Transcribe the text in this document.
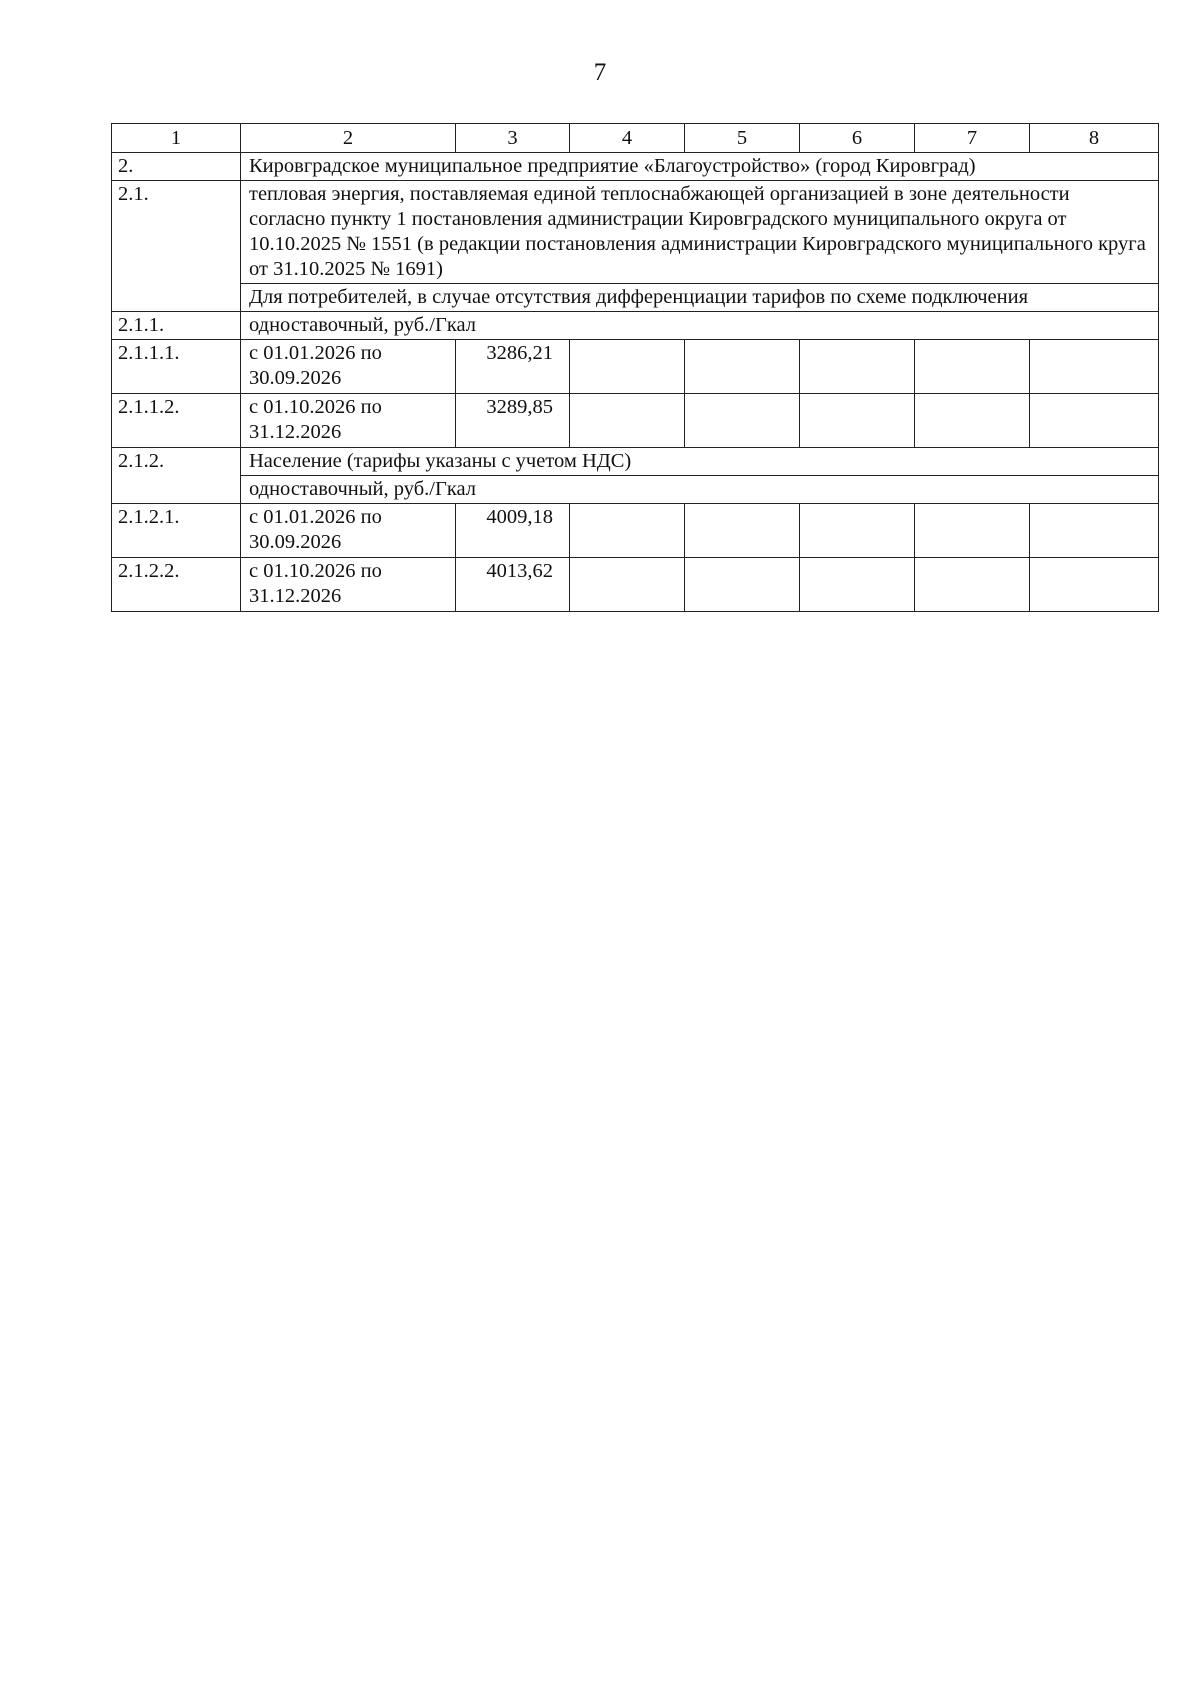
7
1	2	3	4	5	6	7	8
2.	Кировградское муниципальное предприятие «Благоустройство» (город Кировград)						
2.1.	тепловая энергия, поставляемая единой теплоснабжающей организацией в зоне деятельности согласно пункту 1 постановления администрации Кировградского муниципального округа от 10.10.2025 № 1551 (в редакции постановления администрации Кировградского муниципального круга от 31.10.2025 № 1691)						
	Для потребителей, в случае отсутствия дифференциации тарифов по схеме подключения						
2.1.1.	одноставочный, руб./Гкал						
2.1.1.1.	с 01.01.2026 по 30.09.2026	3286,21					
2.1.1.2.	с 01.10.2026 по 31.12.2026	3289,85					
2.1.2.	Население (тарифы указаны с учетом НДС)						
	одноставочный, руб./Гкал						
2.1.2.1.	с 01.01.2026 по 30.09.2026	4009,18					
2.1.2.2.	с 01.10.2026 по 31.12.2026	4013,62					
